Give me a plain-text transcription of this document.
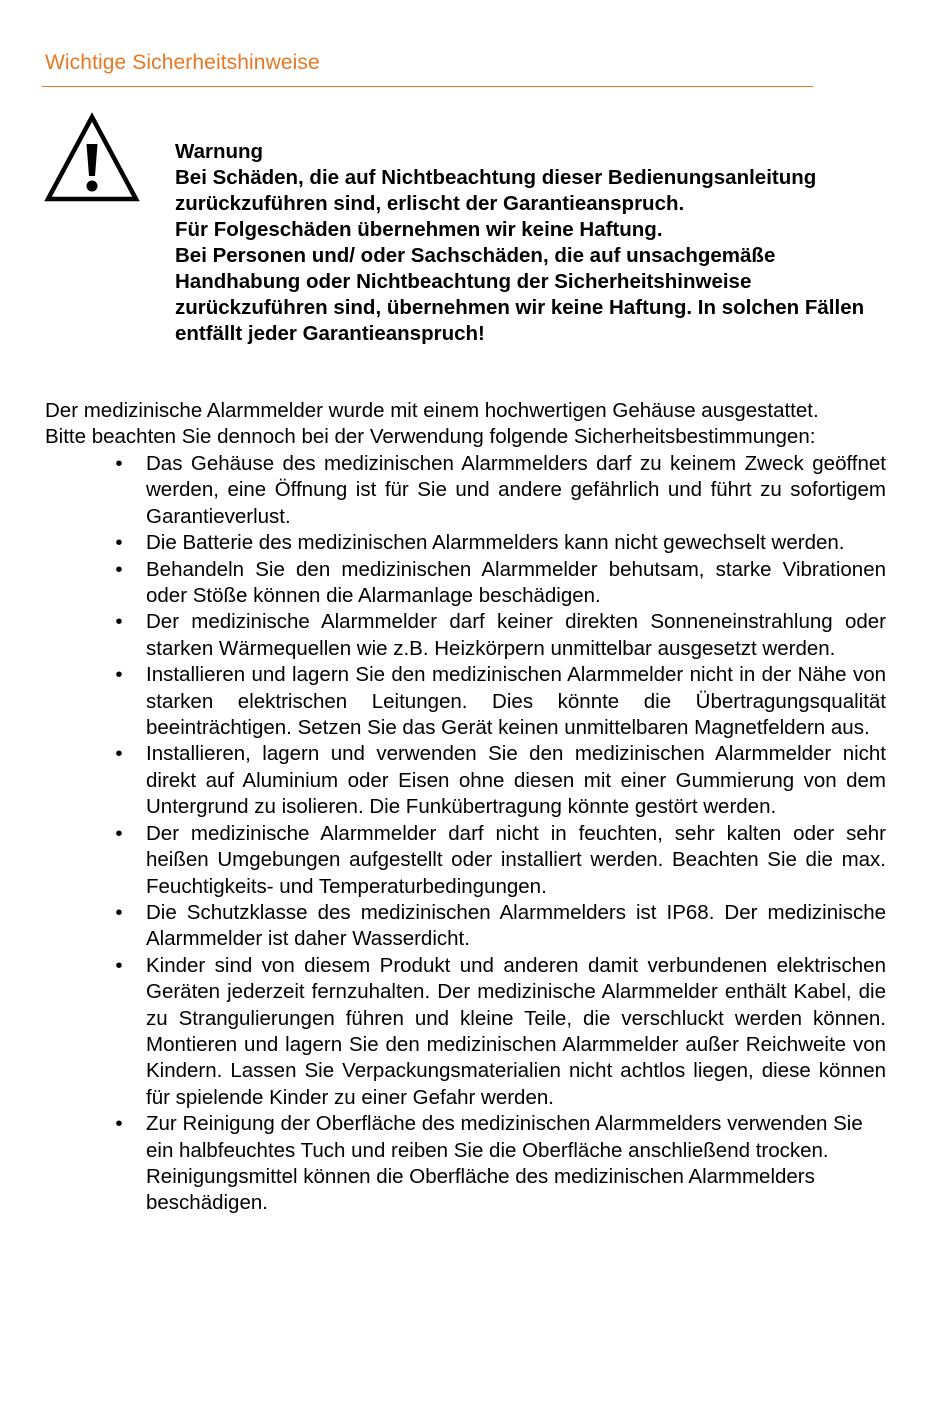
Wichtige Sicherheitshinweise

Warnung

Bei Schäden, die auf Nichtbeachtung dieser Bedienungsanleitung zurückzuführen sind, erlischt der Garantieanspruch.

Für Folgeschäden übernehmen wir keine Haftung.

Bei Personen und/ oder Sachschäden, die auf unsachgemäße Handhabung oder Nichtbeachtung der Sicherheitshinweise zurückzuführen sind, übernehmen wir keine Haftung. In solchen Fällen entfällt jeder Garantieanspruch!

Der medizinische Alarmmelder wurde mit einem hochwertigen Gehäuse ausgestattet.

Bitte beachten Sie dennoch bei der Verwendung folgende Sicherheitsbestimmungen:

• Das Gehäuse des medizinischen Alarmmelders darf zu keinem Zweck geöffnet werden, eine Öffnung ist für Sie und andere gefährlich und führt zu sofortigem Garantieverlust.
• Die Batterie des medizinischen Alarmmelders kann nicht gewechselt werden.
• Behandeln Sie den medizinischen Alarmmelder behutsam, starke Vibrationen oder Stöße können die Alarmanlage beschädigen.
• Der medizinische Alarmmelder darf keiner direkten Sonneneinstrahlung oder starken Wärmequellen wie z.B. Heizkörpern unmittelbar ausgesetzt werden.
• Installieren und lagern Sie den medizinischen Alarmmelder nicht in der Nähe von starken elektrischen Leitungen. Dies könnte die Übertragungsqualität beeinträchtigen. Setzen Sie das Gerät keinen unmittelbaren Magnetfeldern aus.
• Installieren, lagern und verwenden Sie den medizinischen Alarmmelder nicht direkt auf Aluminium oder Eisen ohne diesen mit einer Gummierung von dem Untergrund zu isolieren. Die Funkübertragung könnte gestört werden.
• Der medizinische Alarmmelder darf nicht in feuchten, sehr kalten oder sehr heißen Umgebungen aufgestellt oder installiert werden. Beachten Sie die max. Feuchtigkeits- und Temperaturbedingungen.
• Die Schutzklasse des medizinischen Alarmmelders ist IP68. Der medizinische Alarmmelder ist daher Wasserdicht.
• Kinder sind von diesem Produkt und anderen damit verbundenen elektrischen Geräten jederzeit fernzuhalten. Der medizinische Alarmmelder enthält Kabel, die zu Strangulierungen führen und kleine Teile, die verschluckt werden können. Montieren und lagern Sie den medizinischen Alarmmelder außer Reichweite von Kindern. Lassen Sie Verpackungsmaterialien nicht achtlos liegen, diese können für spielende Kinder zu einer Gefahr werden.
• Zur Reinigung der Oberfläche des medizinischen Alarmmelders verwenden Sie ein halbfeuchtes Tuch und reiben Sie die Oberfläche anschließend trocken. Reinigungsmittel können die Oberfläche des medizinischen Alarmmelders beschädigen.
